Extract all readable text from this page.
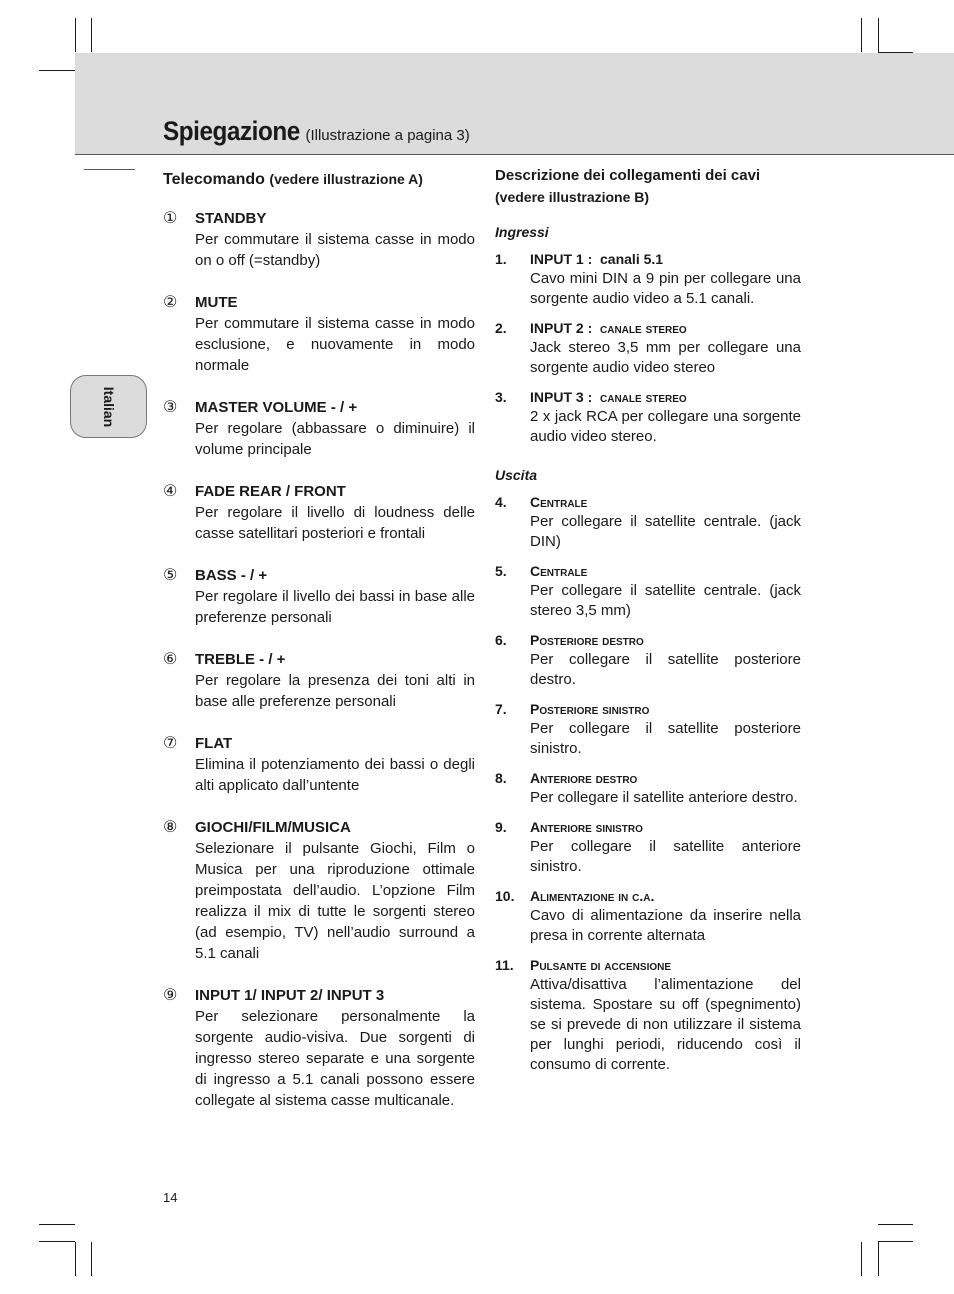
Spiegazione (Illustrazione a pagina 3)
Italian
Telecomando (vedere illustrazione A)
①	STANDBY
Per commutare il sistema casse in modo on o off (=standby)
②	MUTE
Per commutare il sistema casse in modo esclusione, e nuovamente in modo normale
③	MASTER VOLUME - / +
Per regolare (abbassare o diminuire) il volume principale
④	FADE REAR / FRONT
Per regolare il livello di loudness delle casse satellitari posteriori e frontali
⑤	BASS - / +
Per regolare il livello dei bassi in base alle preferenze personali
⑥	TREBLE - / +
Per regolare la presenza dei toni alti in base alle preferenze personali
⑦	FLAT
Elimina il potenziamento dei bassi o degli alti applicato dall’untente
⑧	GIOCHI/FILM/MUSICA
Selezionare il pulsante Giochi, Film o Musica per una riproduzione ottimale preimpostata dell’audio. L’opzione Film realizza il mix di tutte le sorgenti stereo (ad esempio, TV) nell’audio surround a 5.1 canali
⑨	INPUT 1/ INPUT 2/ INPUT 3
Per selezionare personalmente la sorgente audio-visiva. Due sorgenti di ingresso stereo separate e una sorgente di ingresso a 5.1 canali possono essere collegate al sistema casse multicanale.
Descrizione dei collegamenti dei cavi
(vedere illustrazione B)
Ingressi
1.	INPUT 1 : canali 5.1
Cavo mini DIN a 9 pin per collegare una sorgente audio video a 5.1 canali.
2.	INPUT 2 : canale stereo
Jack stereo 3,5 mm per collegare una sorgente audio video stereo
3.	INPUT 3 : canale stereo
2 x jack RCA per collegare una sorgente audio video stereo.
Uscita
4.	Centrale
Per collegare il satellite centrale. (jack DIN)
5.	Centrale
Per collegare il satellite centrale. (jack stereo 3,5 mm)
6.	Posteriore destro
Per collegare il satellite posteriore destro.
7.	Posteriore sinistro
Per collegare il satellite posteriore sinistro.
8.	Anteriore destro
Per collegare il satellite anteriore destro.
9.	Anteriore sinistro
Per collegare il satellite anteriore sinistro.
10.	Alimentazione in c.a.
Cavo di alimentazione da inserire nella presa in corrente alternata
11.	Pulsante di accensione
Attiva/disattiva l’alimentazione del sistema. Spostare su off (spegnimento) se si prevede di non utilizzare il sistema per lunghi periodi, riducendo così il consumo di corrente.
14
